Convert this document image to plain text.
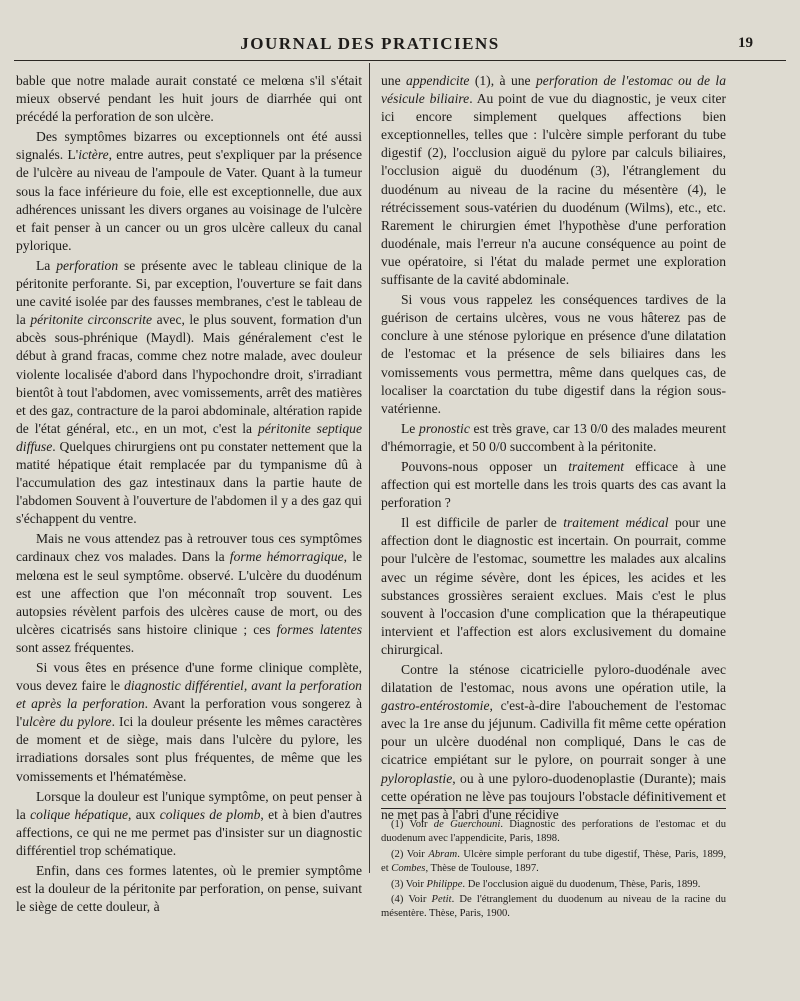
JOURNAL DES PRATICIENS	19

bable que notre malade aurait constaté ce melœna s'il s'était mieux observé pendant les huit jours de diarrhée qui ont précédé la perforation de son ulcère.

Des symptômes bizarres ou exceptionnels ont été aussi signalés. L'ictère, entre autres, peut s'expliquer par la présence de l'ulcère au niveau de l'ampoule de Vater. Quant à la tumeur sous la face inférieure du foie, elle est exceptionnelle, due aux adhérences unissant les divers organes au voisinage de l'ulcère et fait penser à un cancer ou un gros ulcère calleux du canal pylorique.

La perforation se présente avec le tableau clinique de la péritonite perforante. Si, par exception, l'ouverture se fait dans une cavité isolée par des fausses membranes, c'est le tableau de la péritonite circonscrite avec, le plus souvent, formation d'un abcès sous-phrénique (Maydl). Mais généralement c'est le début à grand fracas, comme chez notre malade, avec douleur violente localisée d'abord dans l'hypochondre droit, s'irradiant bientôt à tout l'abdomen, avec vomissements, arrêt des matières et des gaz, contracture de la paroi abdominale, altération rapide de l'état général, etc., en un mot, c'est la péritonite septique diffuse. Quelques chirurgiens ont pu constater nettement que la matité hépatique était remplacée par du tympanisme dû à l'accumulation des gaz intestinaux dans la partie haute de l'abdomen Souvent à l'ouverture de l'abdomen il y a des gaz qui s'échappent du ventre.

Mais ne vous attendez pas à retrouver tous ces symptômes cardinaux chez vos malades. Dans la forme hémorragique, le melœna est le seul symptôme. observé. L'ulcère du duodénum est une affection que l'on méconnaît trop souvent. Les autopsies révèlent parfois des ulcères cause de mort, ou des ulcères cicatrisés sans histoire clinique ; ces formes latentes sont assez fréquentes.

Si vous êtes en présence d'une forme clinique complète, vous devez faire le diagnostic différentiel, avant la perforation et après la perforation. Avant la perforation vous songerez à l'ulcère du pylore. Ici la douleur présente les mêmes caractères de moment et de siège, mais dans l'ulcère du pylore, les irradiations dorsales sont plus fréquentes, de même que les vomissements et l'hématémèse.

Lorsque la douleur est l'unique symptôme, on peut penser à la colique hépatique, aux coliques de plomb, et à bien d'autres affections, ce qui ne me permet pas d'insister sur un diagnostic différentiel trop schématique.

Enfin, dans ces formes latentes, où le premier symptôme est la douleur de la péritonite par perforation, on pense, suivant le siège de cette douleur, à

une appendicite (1), à une perforation de l'estomac ou de la vésicule biliaire. Au point de vue du diagnostic, je veux citer ici encore simplement quelques affections bien exceptionnelles, telles que : l'ulcère simple perforant du tube digestif (2), l'occlusion aiguë du pylore par calculs biliaires, l'occlusion aiguë du duodénum (3), l'étranglement du duodénum au niveau de la racine du mésentère (4), le rétrécissement sous-vatérien du duodénum (Wilms), etc., etc. Rarement le chirurgien émet l'hypothèse d'une perforation duodénale, mais l'erreur n'a aucune conséquence au point de vue opératoire, si l'état du malade permet une exploration suffisante de la cavité abdominale.

Si vous vous rappelez les conséquences tardives de la guérison de certains ulcères, vous ne vous hâterez pas de conclure à une sténose pylorique en présence d'une dilatation de l'estomac et la présence de sels biliaires dans les vomissements vous permettra, même dans quelques cas, de localiser la coarctation du tube digestif dans la région sous-vatérienne.

Le pronostic est très grave, car 13 0/0 des malades meurent d'hémorragie, et 50 0/0 succombent à la péritonite.

Pouvons-nous opposer un traitement efficace à une affection qui est mortelle dans les trois quarts des cas avant la perforation ?

Il est difficile de parler de traitement médical pour une affection dont le diagnostic est incertain. On pourrait, comme pour l'ulcère de l'estomac, soumettre les malades aux alcalins avec un régime sévère, dont les épices, les acides et les substances grossières seraient exclues. Mais c'est le plus souvent à l'occasion d'une complication que la thérapeutique intervient et l'affection est alors exclusivement du domaine chirurgical.

Contre la sténose cicatricielle pyloro-duodénale avec dilatation de l'estomac, nous avons une opération utile, la gastro-entérostomie, c'est-à-dire l'abouchement de l'estomac avec la 1re anse du jéjunum. Cadivilla fit même cette opération pour un ulcère duodénal non compliqué, Dans le cas de cicatrice empiétant sur le pylore, on pourrait songer à une pyloroplastie, ou à une pyloro-duodenoplastie (Durante); mais cette opération ne lève pas toujours l'obstacle définitivement et ne met pas à l'abri d'une récidive

(1) Voir de Guerchouni. Diagnostic des perforations de l'estomac et du duodenum avec l'appendicite, Paris, 1898.

(2) Voir Abram. Ulcère simple perforant du tube digestif, Thèse, Paris, 1899, et Combes, Thèse de Toulouse, 1897.

(3) Voir Philippe. De l'occlusion aiguë du duodenum, Thèse, Paris, 1899.

(4) Voir Petit. De l'étranglement du duodenum au niveau de la racine du mésentère. Thèse, Paris, 1900.
